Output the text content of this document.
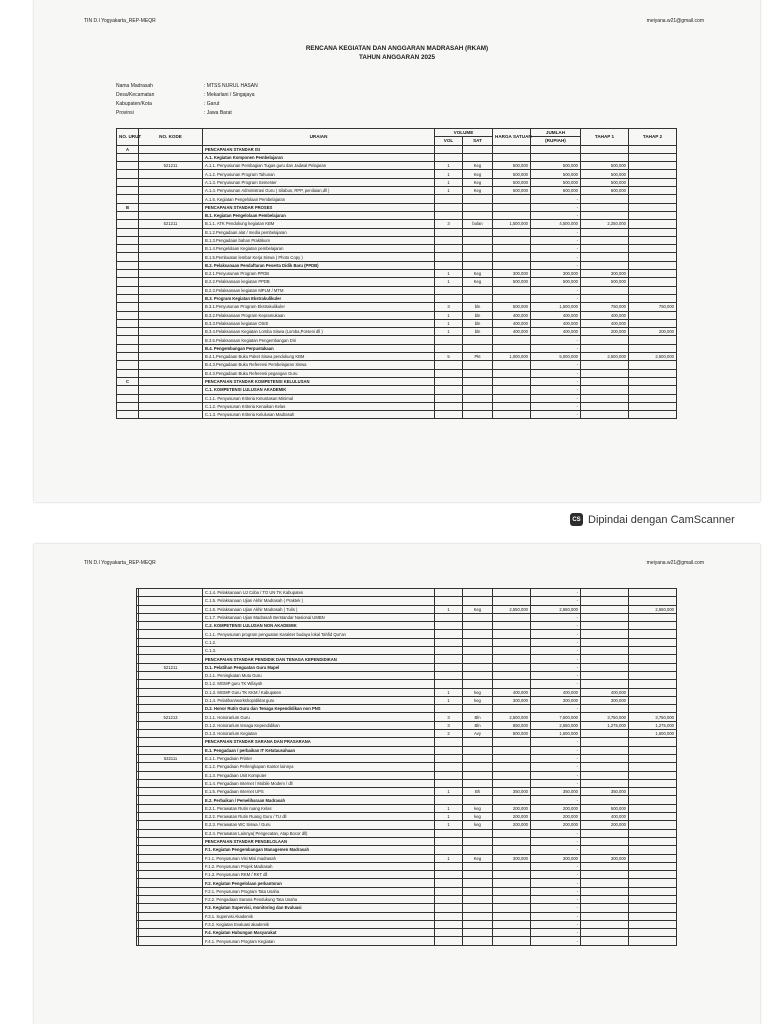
TIN D.I Yogyakarta_REP-MEQR	meiyana.w21@gmail.com
RENCANA KEGIATAN DAN ANGGARAN MADRASAH (RKAM)
TAHUN ANGGARAN 2025
Nama Madrasah	: MTSS NURUL HASAN
Desa/Kecamatan	: Mekarlani / Singajaya
Kabupaten/Kota	: Garut
Provinsi	: Jawa Barat
NO. URUT	NO. KODE	URAIAN	VOLUME		HARGA SATUAN	JUMLAH	TAHAP 1	TAHAP 2
			VOL	SAT		(RUPIAH)		
A		PENCAPAIAN STANDAR ISI						
		A.1. Kegiatan Komponen Pembelajaran						
	521211	A.1.1. Penyusunan Pembagian Tugas guru dan Jadwal Pelajaran	1	Keg	500,000	500,000	500,000	
		A.1.2. Penyusunan Program Tahunan	1	Keg	500,000	500,000	500,000	
		A.1.3. Penyusunan Program Semester	1	Keg	500,000	500,000	500,000	
		A.1.4. Penyusunan Administrasi Guru ( Silabus, RPP, penilaian,dll )	1	Keg	600,000	600,000	600,000	
		A.1.5. Kegiatan Pengelolaan Pembelajaran				-		
B		PENCAPAIAN STANDAR PROSES				-		
		B.1. Kegiatan Pengelolaan Pembelajaran				-		
	521211	B.1.1. ATK Pendukung kegiatan KBM	3	bulan	1,500,000	4,500,000	2,250,000	
		B.1.2.Pengadaan alat / media pembelajaran				-		
		B.1.3.Pengadaan bahan Praktikum				-		
		B.1.4.Pengelolaan Kegiatan pembelajaran				-		
		B.1.5.Pembuatan lembar Kerja Siswa ( Photo Copy )				-		
		B.2. Pelaksanaan Pendaftaran Peserta Didik Baru (PPDB)				-		
		B.2.1.Penyusunan Program PPDB	1	Keg	300,000	300,000	300,000	
		B.2.2.Pelaksanaan kegiatan PPDB	1	Keg	500,000	500,000	500,000	
		B.2.3.Pelaksanaan kegiatan MPLM / MTM				-		
		B.3. Program Kegiatan Ekstrakulikuler				-		
		B.3.1.Penyusunan Program Ekstrakulikuler	3	bln	500,000	1,500,000	750,000	750,000
		B.3.2.Pelaksanaan Program Kepramukaan	1	bln	400,000	400,000	400,000	
		B.3.3.Pelaksanaan kegiatan OSIS	1	bln	400,000	400,000	400,000	
		B.3.4.Pelaksanaan Kegiatan Lomba Siswa (Lomba,Porseni dll )	1	bln	400,000	400,000	200,000	200,000
		B.3.5.Pelaksanaan Kegiatan Pengembangan Diri				-		
		B.4. Pengembangan Perpustakaan				-		
		B.4.1.Pengadaan Buku Paket Siswa pendukung KBM	5	Pkt	1,000,000	5,000,000	2,500,000	2,500,000
		B.4.3.Pengadaan Buku Referensi Pembelajaran Siswa				-		
		B.4.3.Pengadaan Buku Referensi pegangan Guru				-		
C		PENCAPAIAN STANDAR KOMPETENSI KELULUSAN				-		
		C.1. KOMPETENSI LULUSAN AKADEMIK				-		
		C.1.1. Penyusunan Kriteria Ketuntasan Minimal				-		
		C.1.2. Penyusunan Kriteria Kenaikan Kelas				-		
		C.1.3. Penyusunan Kriteria Kelulusan Madrasah				-		
CS Dipindai dengan CamScanner
TIN D.I Yogyakarta_REP-MEQR	meiyana.w21@gmail.com
		C.1.4. Pelaksanaan UJ Coba / TO UN TK Kabupaten				-		
		C.1.5. Pelaksanaan Ujian Akhir Madrasah ( Praktek )				-		
		C.1.6. Pelaksanaan Ujian Akhir Madrasah ( Tulis )	1	Keg	2,550,000	2,550,000		2,550,000
		C.1.7. Pelaksanaan Ujian Madrasah Berstandar Nasional UMBN				-		
		C.2. KOMPETENSI LULUSAN NON AKADEMIK				-		
		C.1.1. Penyusunan program penguatan Karakter budaya lokal Tahfid Qur'an				-		
		C.1.2.				-		
		C.1.3.				-		
		PENCAPAIAN STANDAR PENDIDIK DAN TENAGA KEPENDIDIKAN				-		
	521211	D.1. Pelatihan Penguatan Guru Mapel				-		
		D.1.1. Peningkatan Mutu Guru				-		
		D.1.2. MGMP guru TK Wilayah				-		
		D.1.3. MGMP Guru TK KKM / Kabupaten	1	keg	400,000	400,000	400,000	
		D.1.4. Pelatihan/workshop/diklat guru	1	keg	300,000	300,000	300,000	
		D.2. Honor Rutin Guru dan Tenaga Kependidikan non PNS				-		
	521213	D.1.1. Honorarium Guru	3	Bln	2,500,000	7,500,000	3,750,000	3,750,000
		D.1.2. Honorarium tenaga Kependidikan	3	Bln	850,000	2,550,000	1,275,000	1,275,000
		D.1.3. Honorarium Kegiatan	2	Avy	800,000	1,600,000		1,600,000
		PENCAPAIAN STANDAR SARANA DAN PRASARANA				-		
		E.1. Pengadaan / perbaikan IT Ketatausahaan				-		
	532111	E.1.1. Pengadaan Printer				-		
		E.1.2. Pengadaan Perlengkapan Kantor lainnya				-		
		E.1.3. Pengadaan Unit Komputer				-		
		E.1.4. Pengadaan Internet / Mobile Modem / dll				-		
		E.1.5. Pengadaan Internet UPS	1	Bh	350,000	350,000	350,000	
		E.2. Perbaikan / Pemeliharaan Madrasah				-		
		E.2.1. Perawatan Rutin ruang Kelas	1	keg	200,000	200,000	500,000	
		E.2.2. Perawatan Rutin Ruang Guru / TU dll	1	keg	200,000	200,000	400,000	
		E.2.3. Perawatan WC Siswa / Guru	1	keg	200,000	200,000	200,000	
		E.2.4. Perawatan Lainnya( Pengecatan, Atap Bocor dll)				-		
		PENCAPAIAN STANDAR PENGELOLAAN				-		
		F.1. Kegiatan Pengembangan Managemen Madrasah				-		
		F.1.1. Penyusunan Visi Misi madrasah	1	Keg	300,000	300,000	300,000	
		F.1.2. Penyusunan Projek Madrasah				-		
		F.1.3. Penyusunan RKM / RKT dll				-		
		F.2. Kegiatan Pengelolaan perkantoran				-		
		F.2.1. Penyusunan Program Tata Usaha				-		
		F.2.2. Pengadaan Sarana Pendukung Tata Usaha				-		
		F.3. Kegiatan Supervisi, monitoring dan Evaluasi				-		
		F.3.1. Supervisi Akademik				-		
		F.3.2. Kegiatan Evaluasi akademik				-		
		F.4. Kegiatan Hubungan Masyarakat				-		
		F.4.1. Penyusunan Program Kegiatan				-		
